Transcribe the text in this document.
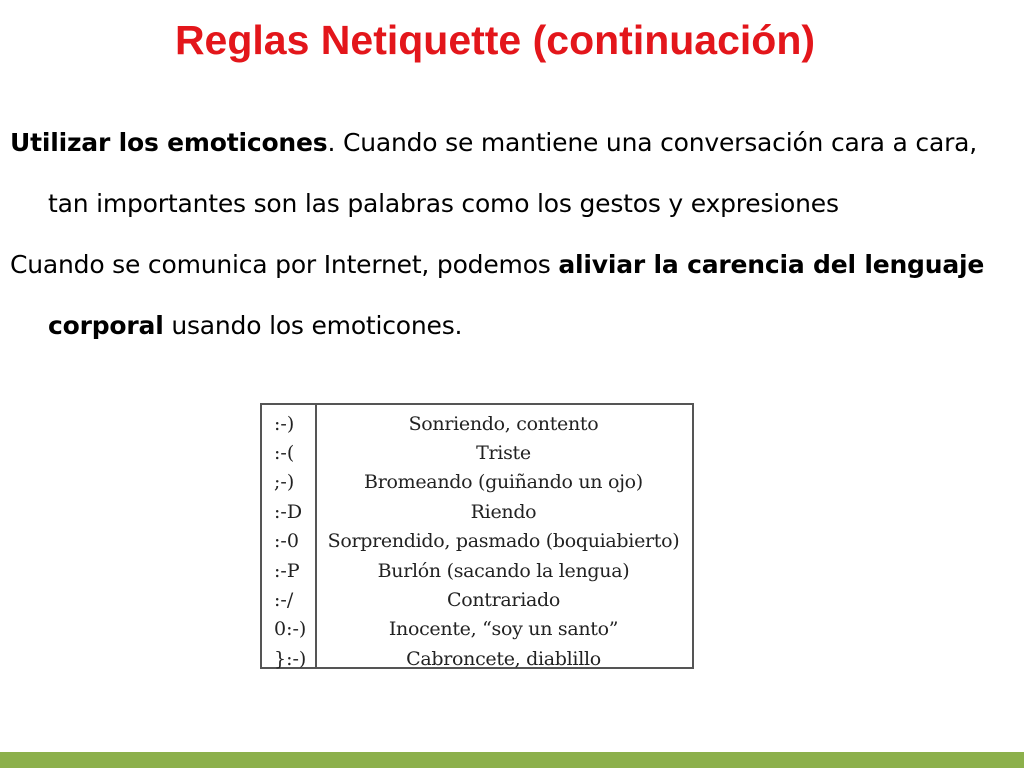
Reglas Netiquette (continuación)

Utilizar los emoticones. Cuando se mantiene una conversación cara a cara, tan importantes son las palabras como los gestos y expresiones

Cuando se comunica por Internet, podemos aliviar la carencia del lenguaje corporal usando los emoticones.

:-)	Sonriendo, contento
:-(	Triste
;-)	Bromeando (guiñando un ojo)
:-D	Riendo
:-0	Sorprendido, pasmado (boquiabierto)
:-P	Burlón (sacando la lengua)
:-/	Contrariado
0:-)	Inocente, “soy un santo”
}:-)	Cabroncete, diablillo
